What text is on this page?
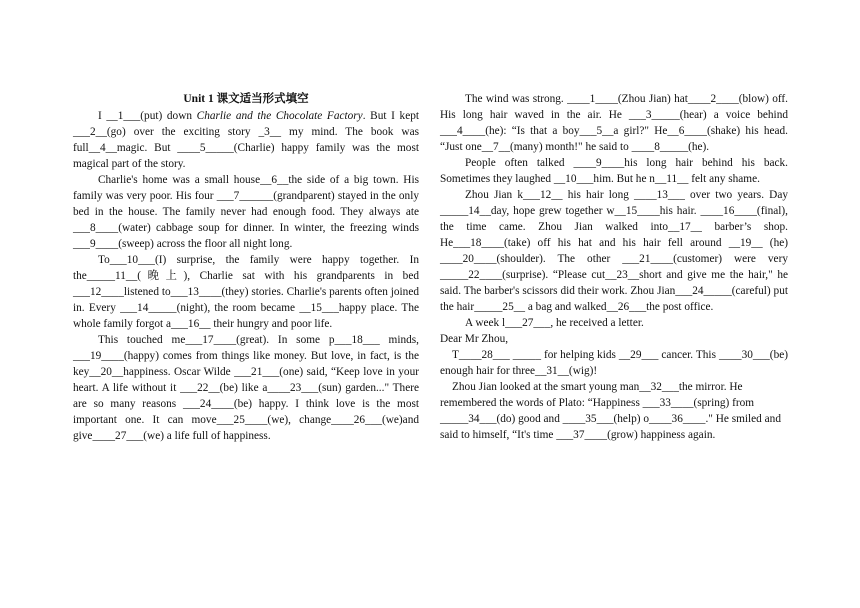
Unit 1 课文适当形式填空

I __1___(put) down Charlie and the Chocolate Factory. But I kept ___2__(go) over the exciting story _3__ my mind. The book was full__4__magic. But ____5_____(Charlie) happy family was the most magical part of the story.

Charlie's home was a small house__6__the side of a big town. His family was very poor. His four ___7______(grandparent) stayed in the only bed in the house. The family never had enough food. They always ate ___8____(water) cabbage soup for dinner. In winter, the freezing winds ___9____(sweep) across the floor all night long.

To___10___(I) surprise, the family were happy together. In the_____11__(晚上), Charlie sat with his grandparents in bed ___12____listened to___13____(they) stories. Charlie's parents often joined in. Every ___14_____(night), the room became __15___happy place. The whole family forgot a___16__ their hungry and poor life.

This touched me___17____(great). In some p___18___ minds, ___19____(happy) comes from things like money. But love, in fact, is the key__20__happiness. Oscar Wilde ___21___(one) said, “Keep love in your heart. A life without it ___22__(be) like a____23___(sun) garden..." There are so many reasons ___24____(be) happy. I think love is the most important one. It can move___25____(we), change____26___(we)and give____27___(we) a life full of happiness.

The wind was strong. ____1____(Zhou Jian) hat____2____(blow) off. His long hair waved in the air. He ___3_____(hear) a voice behind ___4____(he): “Is that a boy___5__a girl?" He__6____(shake) his head. “Just one__7__(many) month!" he said to ____8_____(he).

People often talked ____9____his long hair behind his back. Sometimes they laughed __10___him. But he n__11__ felt any shame.

Zhou Jian k___12__ his hair long ____13___ over two years. Day _____14__day, hope grew together w__15____his hair. ____16____(final), the time came. Zhou Jian walked into__17__ barber’s shop. He___18____(take) off his hat and his hair fell around __19__ (he) ____20____(shoulder). The other ___21____(customer) were very _____22____(surprise). “Please cut__23__short and give me the hair," he said. The barber's scissors did their work. Zhou Jian___24_____(careful) put the hair_____25__ a bag and walked__26___the post office.

A week l___27___, he received a letter.

Dear Mr Zhou,

T____28___ _____ for helping kids __29___ cancer. This ____30___(be) enough hair for three__31__(wig)!

Zhou Jian looked at the smart young man__32___the mirror. He remembered the words of Plato: “Happiness ___33____(spring) from _____34___(do) good and ____35___(help) o____36____." He smiled and said to himself, “It's time ___37____(grow) happiness again.
